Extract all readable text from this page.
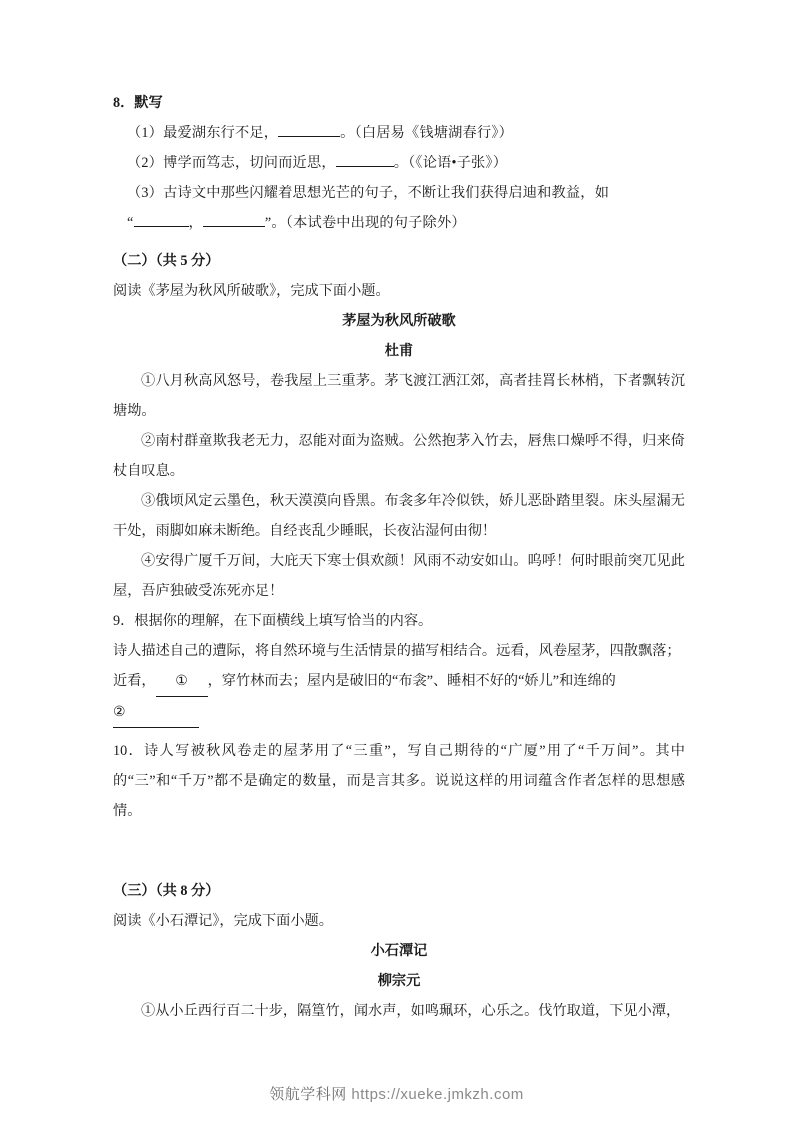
8．默写
（1）最爱湖东行不足，	。（白居易《钱塘湖春行》）
（2）博学而笃志，切问而近思，	。（《论语•子张》）
（3）古诗文中那些闪耀着思想光芒的句子，不断让我们获得启迪和教益，如
“	，	”。（本试卷中出现的句子除外）
（二）（共 5 分）
阅读《茅屋为秋风所破歌》，完成下面小题。
茅屋为秋风所破歌
杜甫
①八月秋高风怒号，卷我屋上三重茅。茅飞渡江洒江郊，高者挂罥长林梢，下者飘转沉塘坳。
②南村群童欺我老无力，忍能对面为盗贼。公然抱茅入竹去，唇焦口燥呼不得，归来倚杖自叹息。
③俄顷风定云墨色，秋天漠漠向昏黑。布衾多年冷似铁，娇儿恶卧踏里裂。床头屋漏无干处，雨脚如麻未断绝。自经丧乱少睡眠，长夜沾湿何由彻！
④安得广厦千万间，大庇天下寒士俱欢颜！风雨不动安如山。呜呼！何时眼前突兀见此屋，吾庐独破受冻死亦足！
9．根据你的理解，在下面横线上填写恰当的内容。
诗人描述自己的遭际，将自然环境与生活情景的描写相结合。远看，风卷屋茅，四散飘落；
近看， ① ，穿竹林而去；屋内是破旧的“布衾”、睡相不好的“娇儿”和连绵的
②
10．诗人写被秋风卷走的屋茅用了“三重”，写自己期待的“广厦”用了“千万间”。其中的“三”和“千万”都不是确定的数量，而是言其多。说说这样的用词蕴含作者怎样的思想感情。
（三）（共 8 分）
阅读《小石潭记》，完成下面小题。
小石潭记
柳宗元
①从小丘西行百二十步，隔篁竹，闻水声，如鸣珮环，心乐之。伐竹取道，下见小潭，
领航学科网 https://xueke.jmkzh.com
